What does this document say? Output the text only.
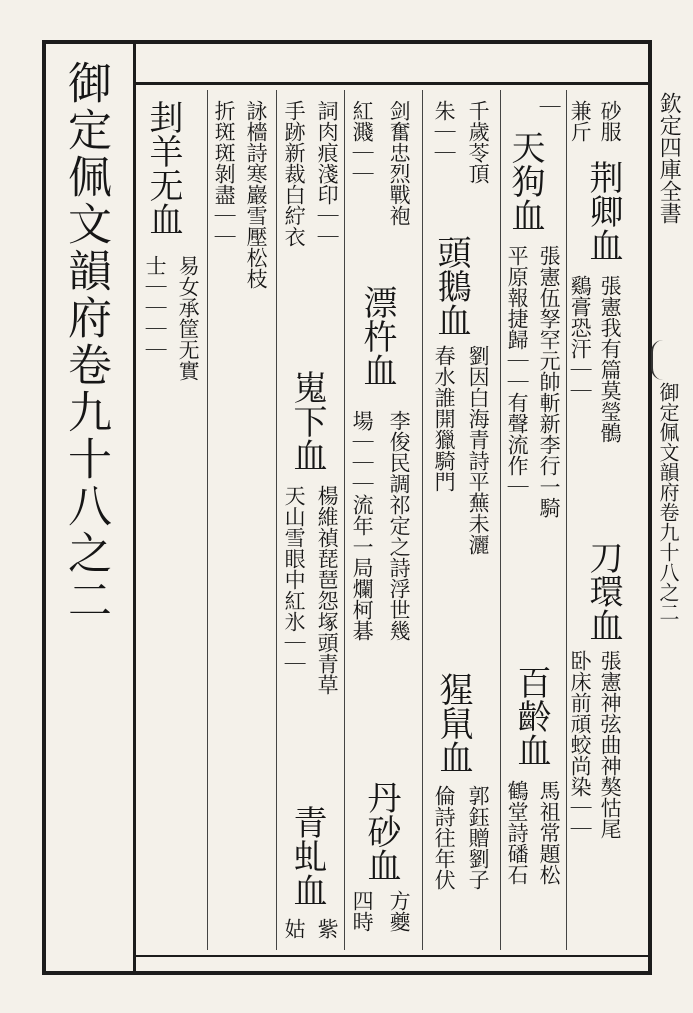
御定佩文韻府卷九十八之二	欽定四庫全書
御定佩文韻府卷九十八之二
砂服
兼斤
荆卿血
張憲我有篇莫瑩鶻
鷄膏恐汗｜｜
刀環血
張憲神弦曲神獒怙尾
卧床前頑蛟尚染｜｜
｜
天狗血
張憲伍孥罕元帥斬新李行一騎
平原報捷歸｜｜有聲流作｜
百齡血
馬祖常題松
鶴堂詩磻石
千歲苓頂
朱｜｜
頭鵝血
劉因白海青詩平蕪未灑
春水誰開獵騎門
猩䑕血
郭鈺贈劉子
倫詩往年伏
剑奮忠烈戰袍
紅濺｜｜
漂杵血
李俊民調祁定之詩浮世幾
場｜｜｜流年一局爛柯碁
丹砂血
方夔
四時
詞肉痕淺印｜｜
手跡新裁白紵衣
嵬下血
楊維禎琵琶怨塚頭青草
天山雪眼中紅氷｜｜
青虬血
紫
姑
詠檣詩寒巖雪壓松枝
折斑斑剝盡｜｜
刲羊无血
易女承筐无實
士｜｜｜｜
